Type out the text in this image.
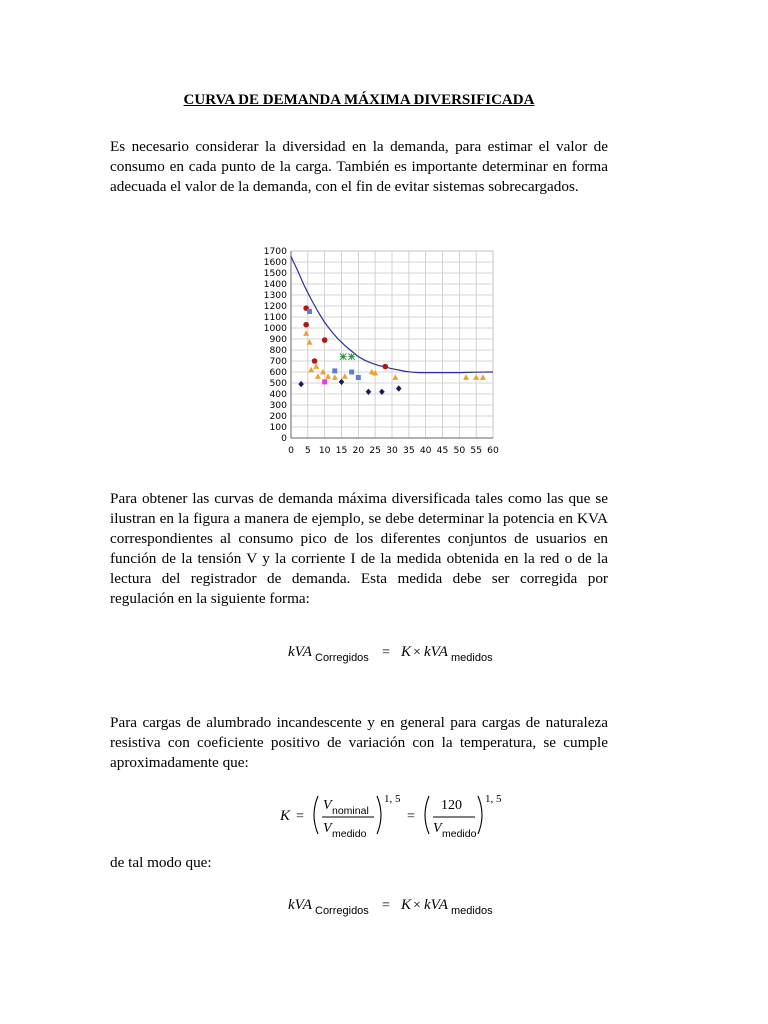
CURVA DE DEMANDA MÁXIMA DIVERSIFICADA

Es necesario considerar la diversidad en la demanda, para estimar el valor de consumo en cada punto de la carga. También es importante determinar en forma adecuada el valor de la demanda, con el fin de evitar sistemas sobrecargados.

0 5 10 15 20 25 30 35 40 45 50 55 60
0
100
200
300
400
500
600
700
800
900
1000
1100
1200
1300
1400
1500
1600
1700

Para obtener las curvas de demanda máxima diversificada tales como las que se ilustran en la figura a manera de ejemplo, se debe determinar la potencia en KVA correspondientes al consumo pico de los diferentes conjuntos de usuarios en función de la tensión V y la corriente I de la medida obtenida en la red o de la lectura del registrador de demanda. Esta medida debe ser corregida por regulación en la siguiente forma:

kVA Corregidos = K × kVA medidos

Para cargas de alumbrado incandescente y en general para cargas de naturaleza resistiva con coeficiente positivo de variación con la temperatura, se cumple aproximadamente que:

K =
V nominal
V medido
1, 5
=
120
V medido
1, 5

de tal modo que:

kVA Corregidos = K × kVA medidos
